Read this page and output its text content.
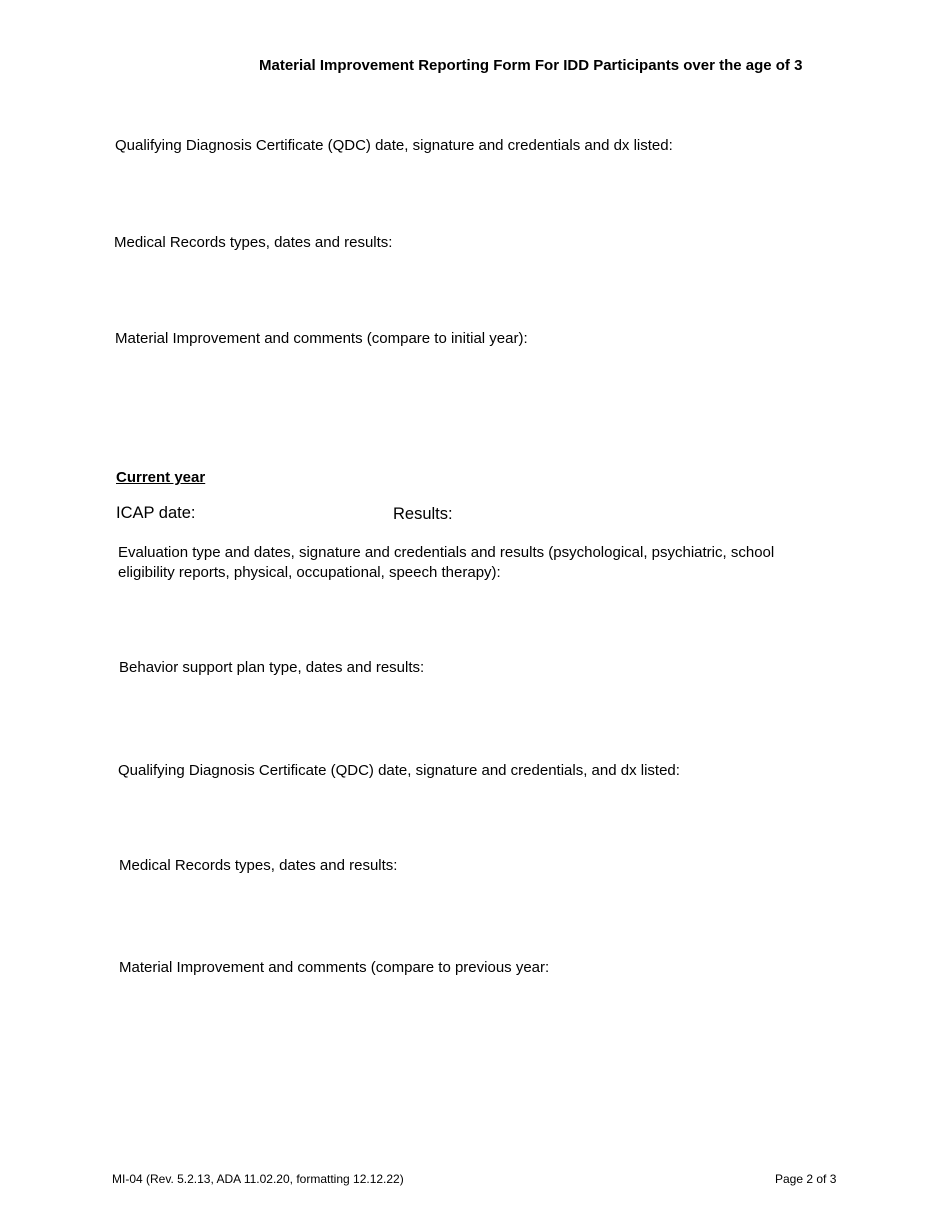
Material Improvement Reporting Form For IDD Participants over the age of 3
Qualifying Diagnosis Certificate (QDC) date, signature and credentials and dx listed:
Medical Records types, dates and results:
Material Improvement and comments (compare to initial year):
Current year
ICAP date:	Results:
Evaluation type and dates, signature and credentials and results (psychological, psychiatric, school eligibility reports, physical, occupational, speech therapy):
Behavior support plan type, dates and results:
Qualifying Diagnosis Certificate (QDC) date, signature and credentials, and dx listed:
Medical Records types, dates and results:
Material Improvement and comments (compare to previous year:
MI-04 (Rev. 5.2.13, ADA 11.02.20, formatting 12.12.22)	Page 2 of 3
